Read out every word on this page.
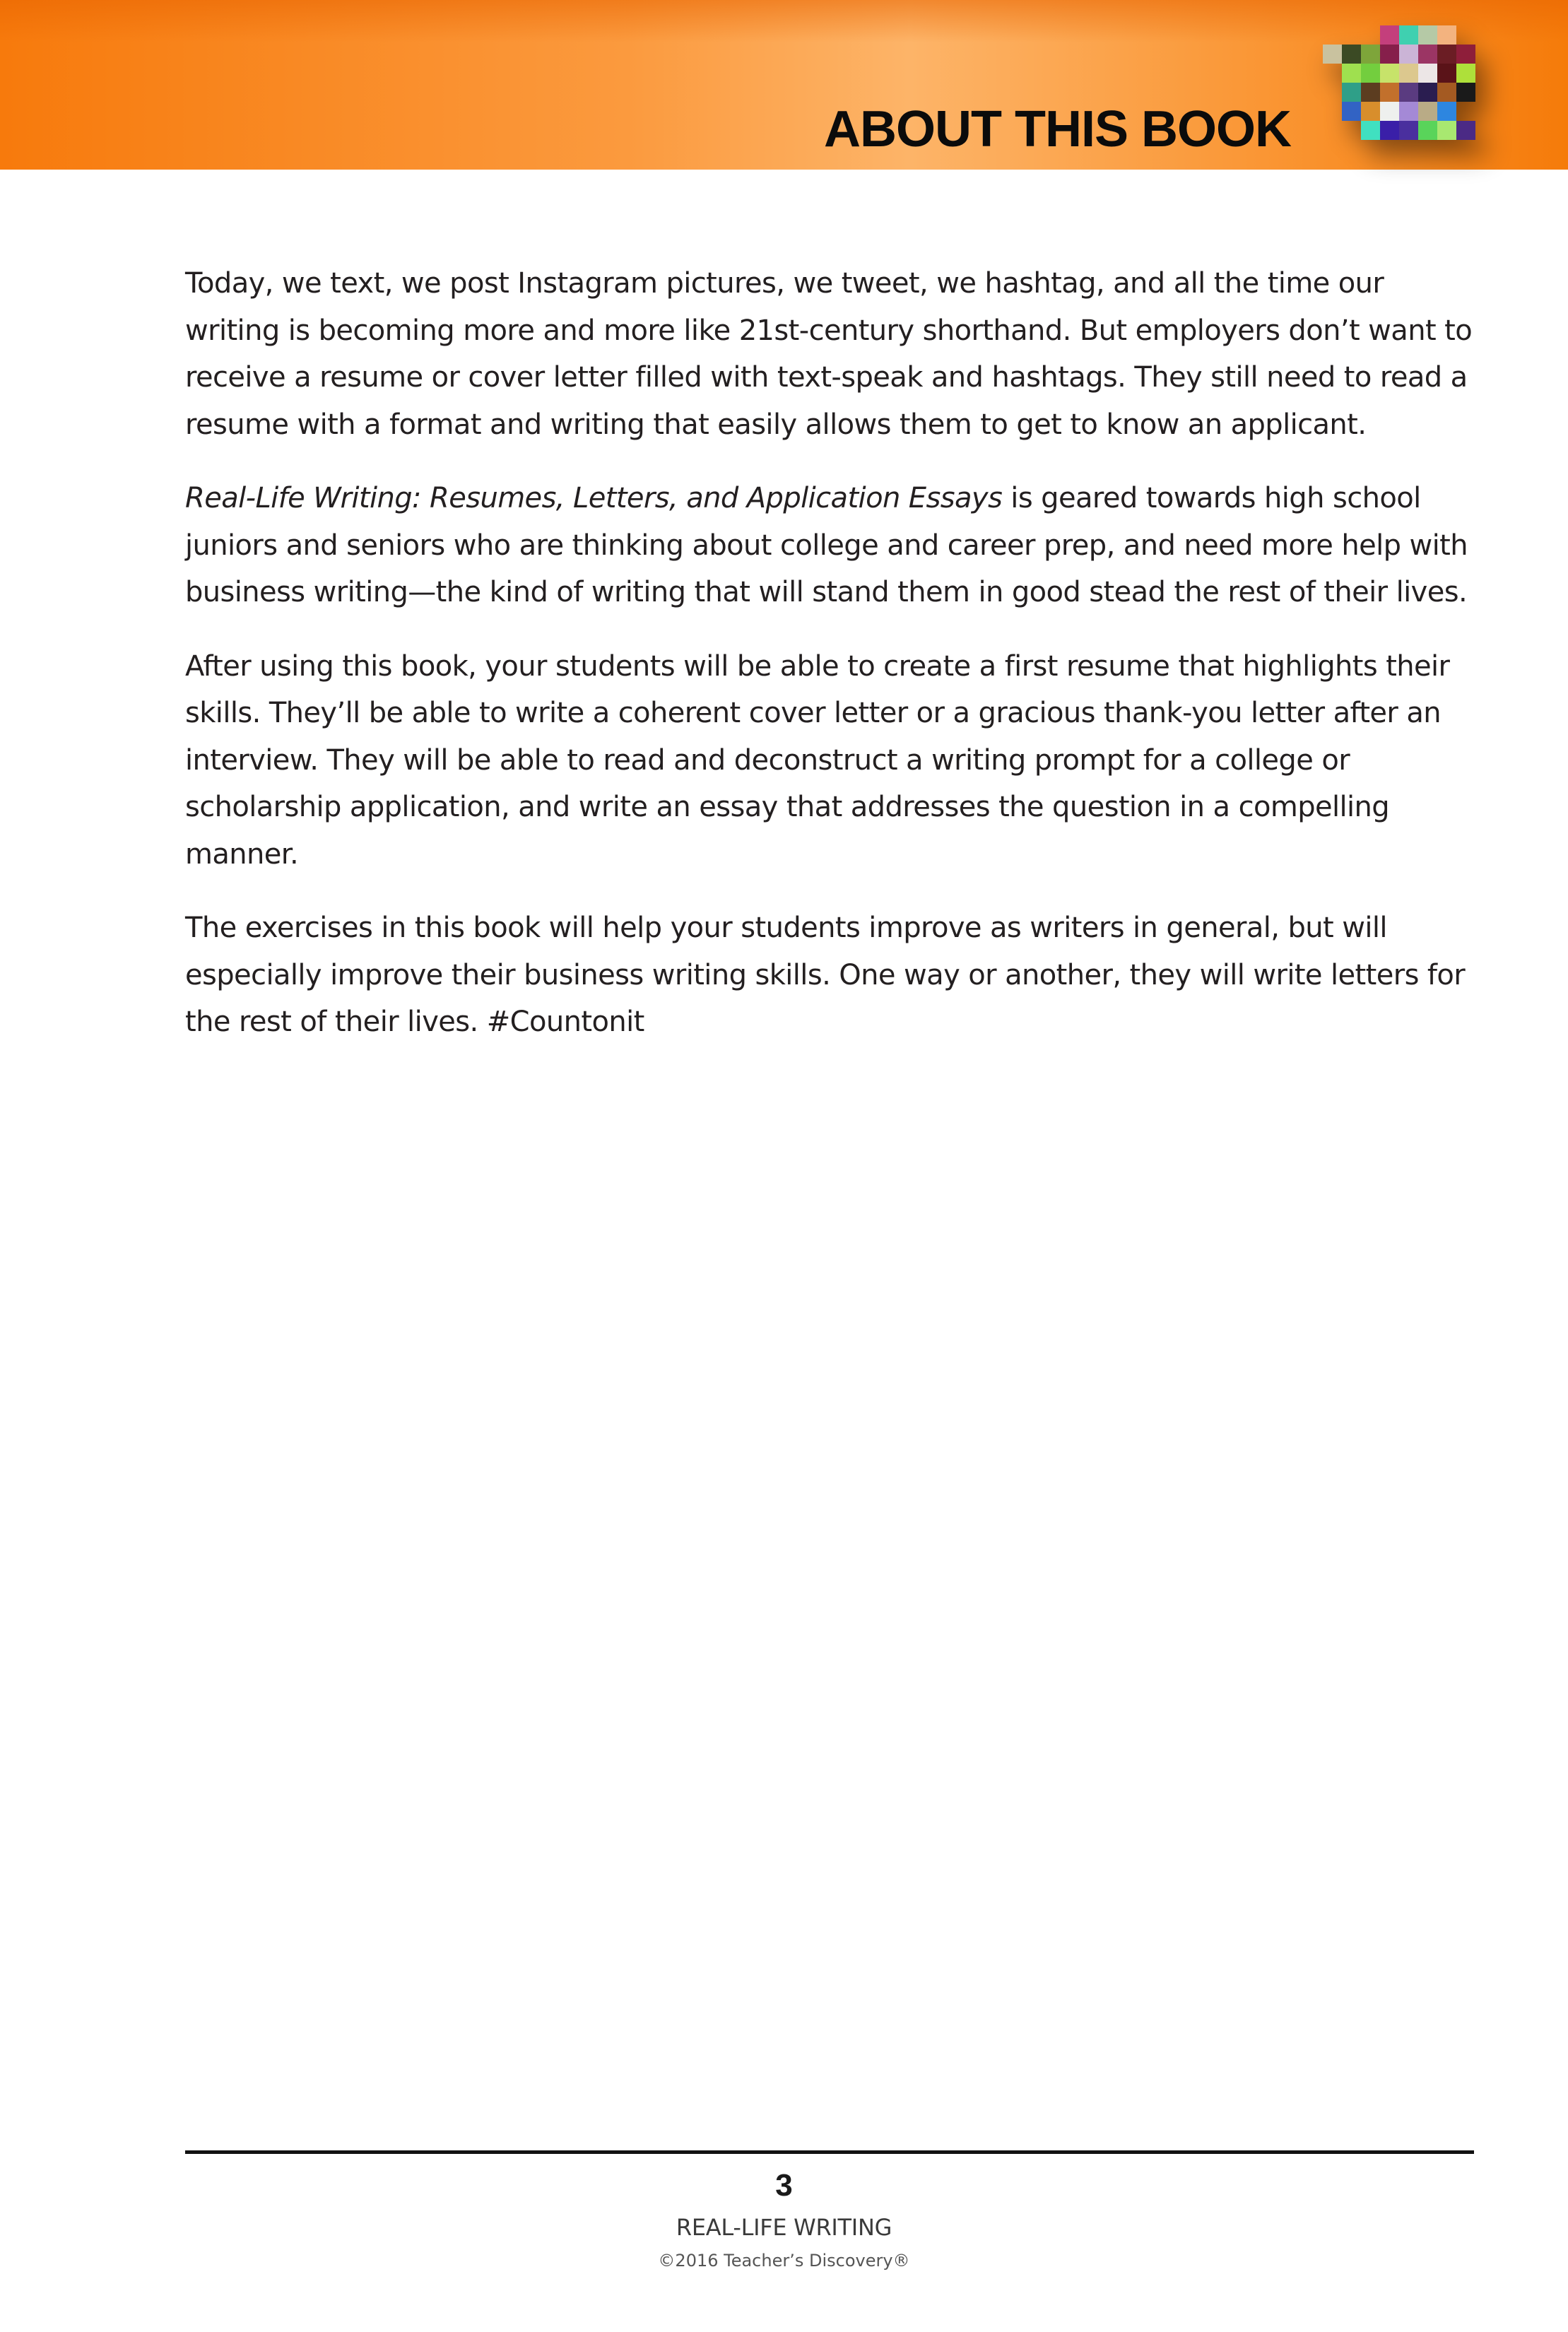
ABOUT THIS BOOK

Today, we text, we post Instagram pictures, we tweet, we hashtag, and all the time our writing is becoming more and more like 21st-century shorthand. But employers don’t want to receive a resume or cover letter filled with text-speak and hashtags. They still need to read a resume with a format and writing that easily allows them to get to know an applicant.

Real-Life Writing: Resumes, Letters, and Application Essays is geared towards high school juniors and seniors who are thinking about college and career prep, and need more help with business writing—the kind of writing that will stand them in good stead the rest of their lives.

After using this book, your students will be able to create a first resume that highlights their skills. They’ll be able to write a coherent cover letter or a gracious thank-you letter after an interview. They will be able to read and deconstruct a writing prompt for a college or scholarship application, and write an essay that addresses the question in a compelling manner.

The exercises in this book will help your students improve as writers in general, but will especially improve their business writing skills. One way or another, they will write letters for the rest of their lives. #Countonit

3
REAL-LIFE WRITING
©2016 Teacher’s Discovery®
